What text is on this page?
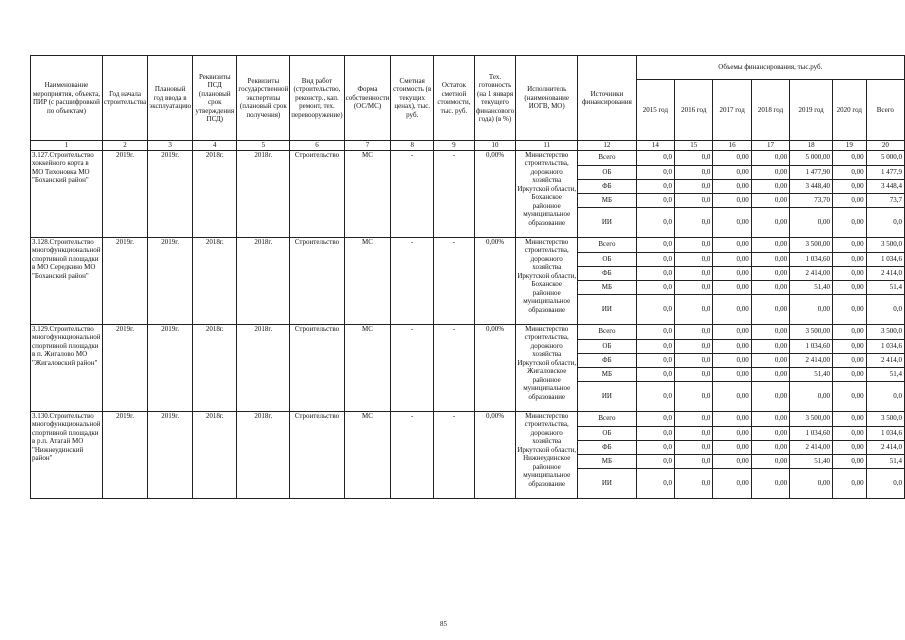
Наименование мероприятия, объекта, ПИР (с расшифровкой по объектам)	Год начала строительства	Плановый год ввода в эксплуатацию	Реквизиты ПСД (плановый срок утверждения ПСД)	Реквизиты государственной экспертизы (плановый срок получения)	Вид работ (строительство, реконстр., кап. ремонт, тех. перевооружение)	Форма собственности (ОС/МС)	Сметная стоимость (в текущих ценах), тыс. руб.	Остаток сметной стоимости, тыс. руб.	Тех. готовность (на 1 января текущего финансового года) (в %)	Исполнитель (наименование ИОГВ, МО)	Источники финансирования	Объемы финансирования, тыс.руб.						
												2015 год	2016 год	2017 год	2018 год	2019 год	2020 год	Всего
1	2	3	4	5	6	7	8	9	10	11	12	14	15	16	17	18	19	20
3.127.Строительство хоккейного корта в МО Тихоновка МО "Боханский район"	2019г.	2019г.	2018г.	2018г.	Строительство	МС	-	-	0,00%	Министерство строительства, дорожного хозяйства Иркутской области, Боханское районное муниципальное образование	Всего	0,0	0,0	0,00	0,00	5 000,00	0,00	5 000,0
											ОБ	0,0	0,0	0,00	0,00	1 477,90	0,00	1 477,9
											ФБ	0,0	0,0	0,00	0,00	3 448,40	0,00	3 448,4
											МБ	0,0	0,0	0,00	0,00	73,70	0,00	73,7
											ИИ	0,0	0,0	0,00	0,00	0,00	0,00	0,0
3.128.Строительство многофункциональной спортивной площадки в МО Середкино МО "Боханский район"	2019г.	2019г.	2018г.	2018г.	Строительство	МС	-	-	0,00%	Министерство строительства, дорожного хозяйства Иркутской области, Боханское районное муниципальное образование	Всего	0,0	0,0	0,00	0,00	3 500,00	0,00	3 500,0
											ОБ	0,0	0,0	0,00	0,00	1 034,60	0,00	1 034,6
											ФБ	0,0	0,0	0,00	0,00	2 414,00	0,00	2 414,0
											МБ	0,0	0,0	0,00	0,00	51,40	0,00	51,4
											ИИ	0,0	0,0	0,00	0,00	0,00	0,00	0,0
3.129.Строительство многофункциональной спортивной площадки в п. Жигалово МО "Жигаловский район"	2019г.	2019г.	2018г.	2018г.	Строительство	МС	-	-	0,00%	Министерство строительства, дорожного хозяйства Иркутской области, Жигаловское районное муниципальное образование	Всего	0,0	0,0	0,00	0,00	3 500,00	0,00	3 500,0
											ОБ	0,0	0,0	0,00	0,00	1 034,60	0,00	1 034,6
											ФБ	0,0	0,0	0,00	0,00	2 414,00	0,00	2 414,0
											МБ	0,0	0,0	0,00	0,00	51,40	0,00	51,4
											ИИ	0,0	0,0	0,00	0,00	0,00	0,00	0,0
3.130.Строительство многофункциональной спортивной площадки в р.п. Атагай МО "Нижнеудинский район"	2019г.	2019г.	2018г.	2018г.	Строительство	МС	-	-	0,00%	Министерство строительства, дорожного хозяйства Иркутской области, Нижнеудинское районное муниципальное образование	Всего	0,0	0,0	0,00	0,00	3 500,00	0,00	3 500,0
											ОБ	0,0	0,0	0,00	0,00	1 034,60	0,00	1 034,6
											ФБ	0,0	0,0	0,00	0,00	2 414,00	0,00	2 414,0
											МБ	0,0	0,0	0,00	0,00	51,40	0,00	51,4
											ИИ	0,0	0,0	0,00	0,00	0,00	0,00	0,0
85
